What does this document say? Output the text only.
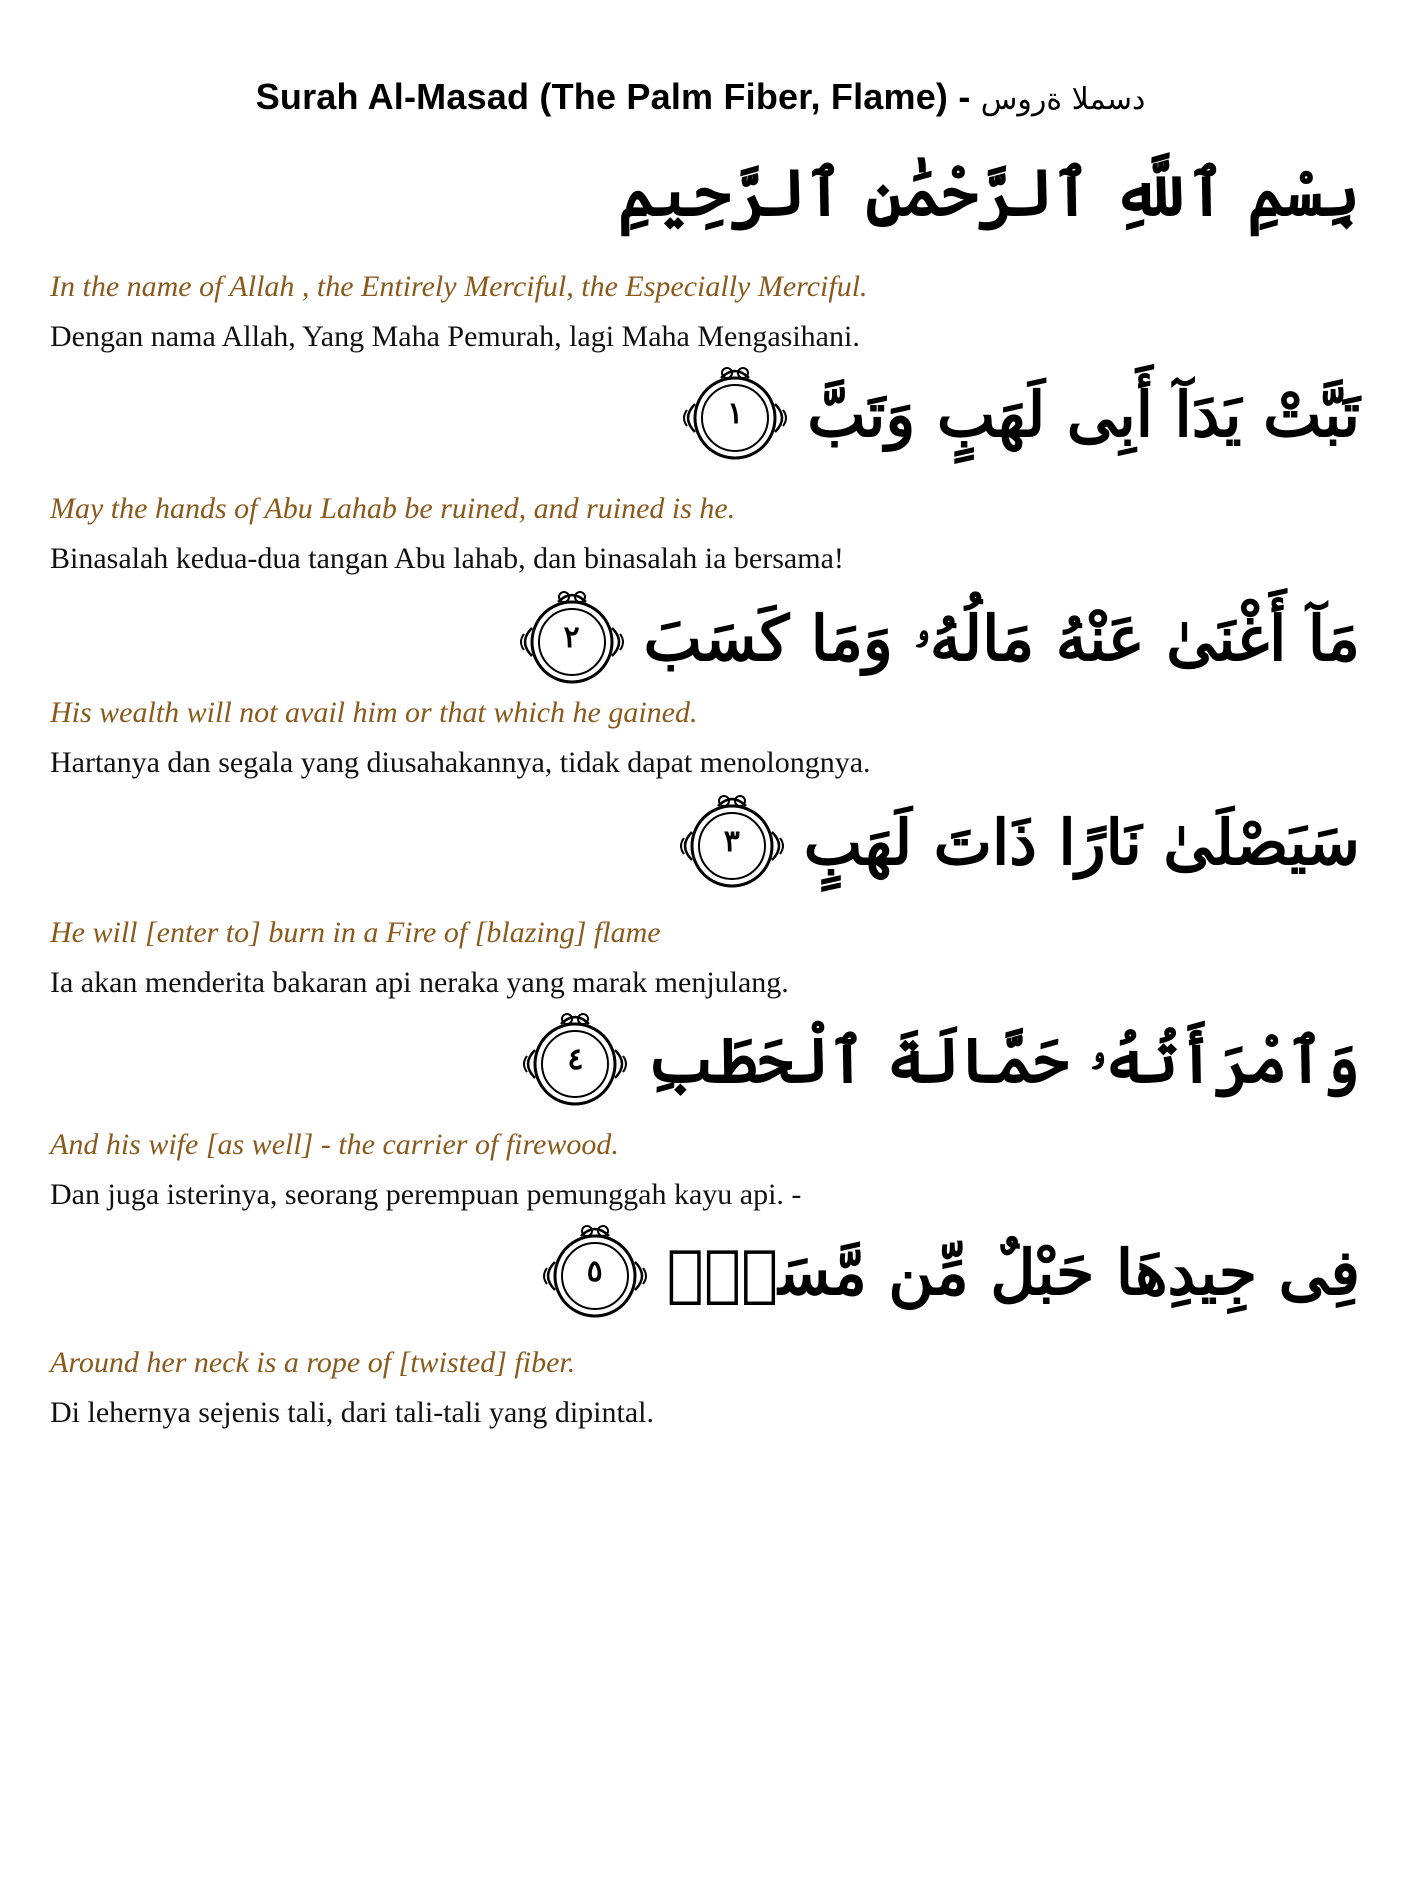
Surah Al-Masad (The Palm Fiber, Flame) - دسملا ةروس
بِسْمِ ٱللَّهِ ٱلرَّحْمَٰنِ ٱلرَّحِيمِ
In the name of Allah , the Entirely Merciful, the Especially Merciful.
Dengan nama Allah, Yang Maha Pemurah, lagi Maha Mengasihani.
تَبَّتْ يَدَآ أَبِى لَهَبٍ وَتَبَّ
١
May the hands of Abu Lahab be ruined, and ruined is he.
Binasalah kedua-dua tangan Abu lahab, dan binasalah ia bersama!
مَآ أَغْنَىٰ عَنْهُ مَالُهُۥ وَمَا كَسَبَ
٢
His wealth will not avail him or that which he gained.
Hartanya dan segala yang diusahakannya, tidak dapat menolongnya.
سَيَصْلَىٰ نَارًا ذَاتَ لَهَبٍ
٣
He will [enter to] burn in a Fire of [blazing] flame
Ia akan menderita bakaran api neraka yang marak menjulang.
وَٱمْرَأَتُهُۥ حَمَّالَةَ ٱلْحَطَبِ
٤
And his wife [as well] - the carrier of firewood.
Dan juga isterinya, seorang perempuan pemunggah kayu api. -
فِى جِيدِهَا حَبْلٌ مِّن مَّسَدٍۭ
٥
Around her neck is a rope of [twisted] fiber.
Di lehernya sejenis tali, dari tali-tali yang dipintal.
